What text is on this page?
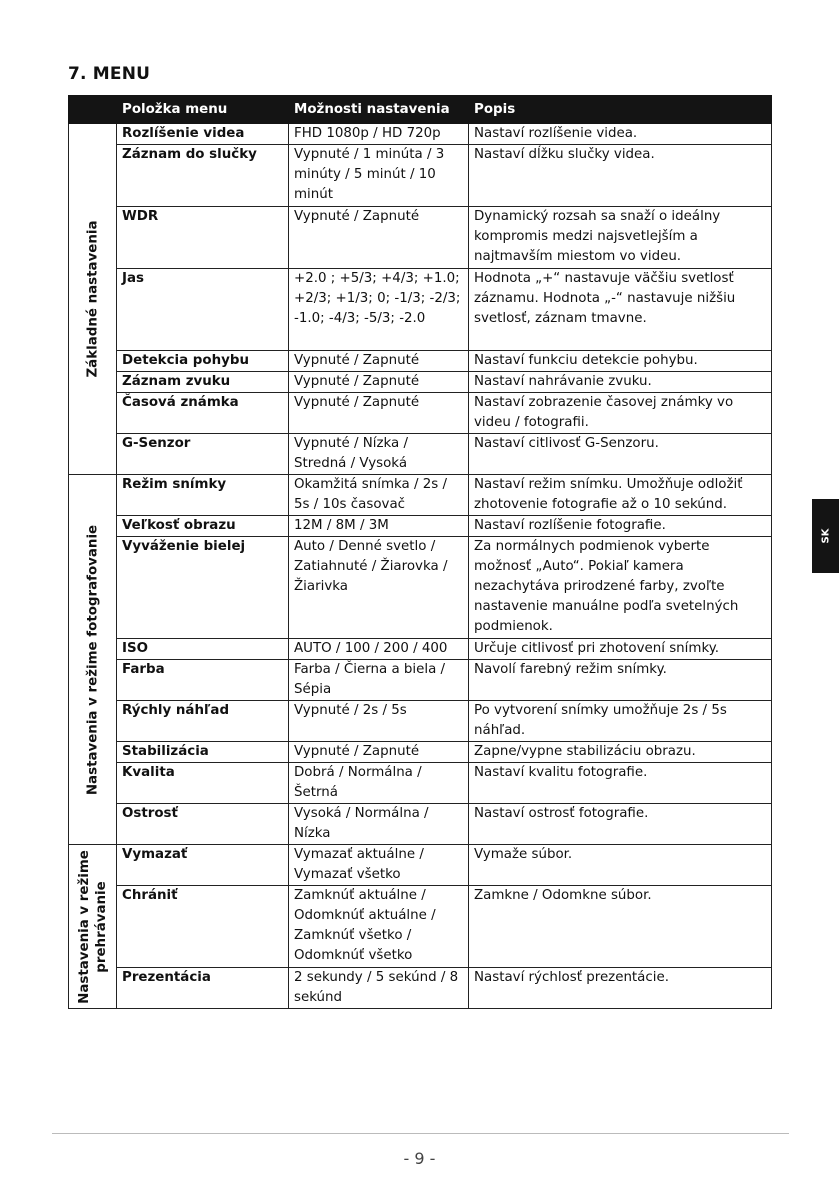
7. MENU
	Položka menu	Možnosti nastavenia	Popis

Základné nastavenia	Rozlíšenie videa	FHD 1080p / HD 720p	Nastaví rozlíšenie videa.
	Záznam do slučky	Vypnuté / 1 minúta / 3 minúty / 5 minút / 10 minút	Nastaví dĺžku slučky videa.
	WDR	Vypnuté / Zapnuté	Dynamický rozsah sa snaží o ideálny kompromis medzi najsvetlejším a najtmavším miestom vo videu.
	Jas	+2.0 ; +5/3; +4/3; +1.0; +2/3; +1/3; 0; -1/3; -2/3; -1.0; -4/3; -5/3; -2.0	Hodnota „+“ nastavuje väčšiu svetlosť záznamu. Hodnota „-“ nastavuje nižšiu svetlosť, záznam tmavne.
	Detekcia pohybu	Vypnuté / Zapnuté	Nastaví funkciu detekcie pohybu.
	Záznam zvuku	Vypnuté / Zapnuté	Nastaví nahrávanie zvuku.
	Časová známka	Vypnuté / Zapnuté	Nastaví zobrazenie časovej známky vo videu / fotografii.
	G-Senzor	Vypnuté / Nízka / Stredná / Vysoká	Nastaví citlivosť G-Senzoru.

Nastavenia v režime fotografovanie	Režim snímky	Okamžitá snímka / 2s / 5s / 10s časovač	Nastaví režim snímku. Umožňuje odložiť zhotovenie fotografie až o 10 sekúnd.
	Veľkosť obrazu	12M / 8M / 3M	Nastaví rozlíšenie fotografie.
	Vyváženie bielej	Auto / Denné svetlo / Zatiahnuté / Žiarovka / Žiarivka	Za normálnych podmienok vyberte možnosť „Auto“. Pokiaľ kamera nezachytáva prirodzené farby, zvoľte nastavenie manuálne podľa svetelných podmienok.
	ISO	AUTO / 100 / 200 / 400	Určuje citlivosť pri zhotovení snímky.
	Farba	Farba / Čierna a biela / Sépia	Navolí farebný režim snímky.
	Rýchly náhľad	Vypnuté / 2s / 5s	Po vytvorení snímky umožňuje 2s / 5s náhľad.
	Stabilizácia	Vypnuté / Zapnuté	Zapne/vypne stabilizáciu obrazu.
	Kvalita	Dobrá / Normálna / Šetrná	Nastaví kvalitu fotografie.
	Ostrosť	Vysoká / Normálna / Nízka	Nastaví ostrosť fotografie.

Nastavenia v režime prehrávanie	Vymazať	Vymazať aktuálne / Vymazať všetko	Vymaže súbor.
	Chrániť	Zamknúť aktuálne / Odomknúť aktuálne / Zamknúť všetko / Odomknúť všetko	Zamkne / Odomkne súbor.
	Prezentácia	2 sekundy / 5 sekúnd / 8 sekúnd	Nastaví rýchlosť prezentácie.
SK
- 9 -
